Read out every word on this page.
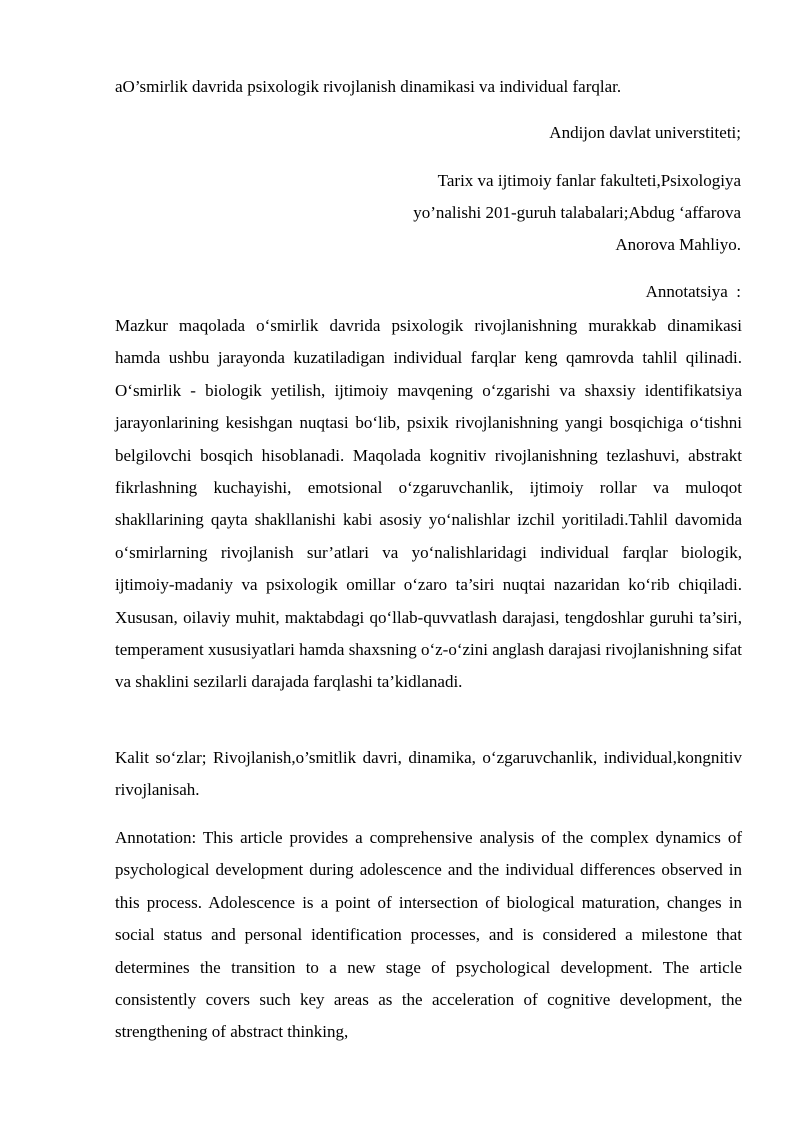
aO’smirlik davrida psixologik rivojlanish dinamikasi va individual farqlar.
Andijon davlat universtiteti;
Tarix va ijtimoiy fanlar fakulteti,Psixologiya
yo’nalishi 201-guruh talabalari;Abdug ‘affarova
Anorova Mahliyo.
Annotatsiya  :
Mazkur maqolada o‘smirlik davrida psixologik rivojlanishning murakkab dinamikasi hamda ushbu jarayonda kuzatiladigan individual farqlar keng qamrovda tahlil qilinadi. O‘smirlik - biologik yetilish, ijtimoiy mavqening o‘zgarishi va shaxsiy identifikatsiya jarayonlarining kesishgan nuqtasi bo‘lib, psixik rivojlanishning yangi bosqichiga o‘tishni belgilovchi bosqich hisoblanadi. Maqolada kognitiv rivojlanishning tezlashuvi, abstrakt fikrlashning kuchayishi, emotsional o‘zgaruvchanlik, ijtimoiy rollar va muloqot shakllarining qayta shakllanishi kabi asosiy yo‘nalishlar izchil yoritiladi.Tahlil davomida o‘smirlarning rivojlanish sur’atlari va yo‘nalishlaridagi individual farqlar biologik, ijtimoiy-madaniy va psixologik omillar o‘zaro ta’siri nuqtai nazaridan ko‘rib chiqiladi. Xususan, oilaviy muhit, maktabdagi qo‘llab-quvvatlash darajasi, tengdoshlar guruhi ta’siri, temperament xususiyatlari hamda shaxsning o‘z-o‘zini anglash darajasi rivojlanishning sifat va shaklini sezilarli darajada farqlashi ta’kidlanadi.
Kalit so‘zlar; Rivojlanish,o’smitlik davri, dinamika, o‘zgaruvchanlik, individual,kongnitiv rivojlanisah.
Annotation: This article provides a comprehensive analysis of the complex dynamics of psychological development during adolescence and the individual differences observed in this process. Adolescence is a point of intersection of biological maturation, changes in social status and personal identification processes, and is considered a milestone that determines the transition to a new stage of psychological development. The article consistently covers such key areas as the acceleration of cognitive development, the strengthening of abstract thinking,
